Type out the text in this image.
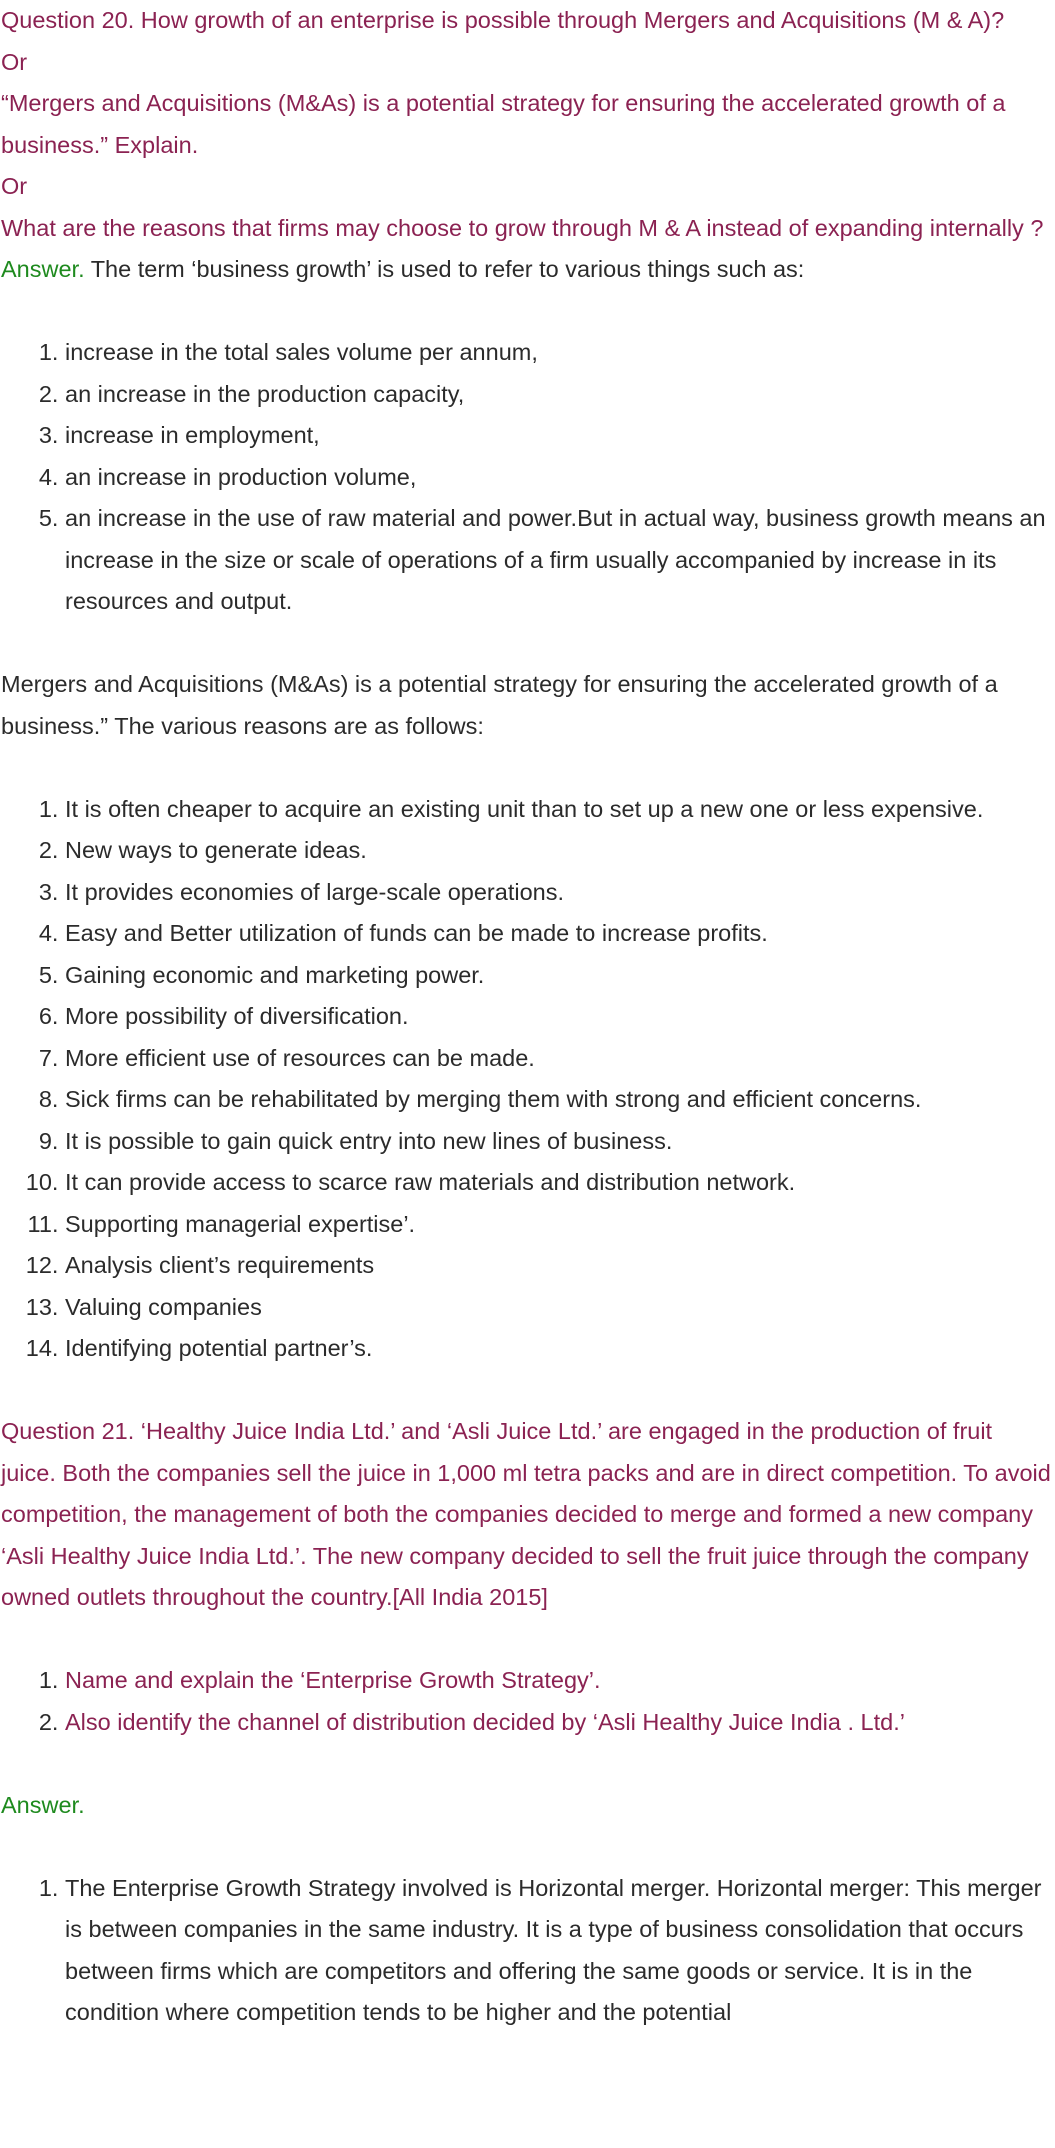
Question 20. How growth of an enterprise is possible through Mergers and Acquisitions (M & A)?

Or

“Mergers and Acquisitions (M&As) is a potential strategy for ensuring the accelerated growth of a business.” Explain.

Or

What are the reasons that firms may choose to grow through M & A instead of expanding internally ?

Answer. The term ‘business growth’ is used to refer to various things such as:

1. increase in the total sales volume per annum,
2. an increase in the production capacity,
3. increase in employment,
4. an increase in production volume,
5. an increase in the use of raw material and power.But in actual way, business growth means an increase in the size or scale of operations of a firm usually accompanied by increase in its resources and output.

Mergers and Acquisitions (M&As) is a potential strategy for ensuring the accelerated growth of a business.” The various reasons are as follows:

1. It is often cheaper to acquire an existing unit than to set up a new one or less expensive.
2. New ways to generate ideas.
3. It provides economies of large-scale operations.
4. Easy and Better utilization of funds can be made to increase profits.
5. Gaining economic and marketing power.
6. More possibility of diversification.
7. More efficient use of resources can be made.
8. Sick firms can be rehabilitated by merging them with strong and efficient concerns.
9. It is possible to gain quick entry into new lines of business.
10. It can provide access to scarce raw materials and distribution network.
11. Supporting managerial expertise’.
12. Analysis client’s requirements
13. Valuing companies
14. Identifying potential partner’s.

Question 21. ‘Healthy Juice India Ltd.’ and ‘Asli Juice Ltd.’ are engaged in the production of fruit juice. Both the companies sell the juice in 1,000 ml tetra packs and are in direct competition. To avoid competition, the management of both the companies decided to merge and formed a new company ‘Asli Healthy Juice India Ltd.’. The new company decided to sell the fruit juice through the company owned outlets throughout the country.[All India 2015]

1. Name and explain the ‘Enterprise Growth Strategy’.
2. Also identify the channel of distribution decided by ‘Asli Healthy Juice India . Ltd.’

Answer.

1. The Enterprise Growth Strategy involved is Horizontal merger. Horizontal merger: This merger is between companies in the same industry. It is a type of business consolidation that occurs between firms which are competitors and offering the same goods or service. It is in the condition where competition tends to be higher and the potential
